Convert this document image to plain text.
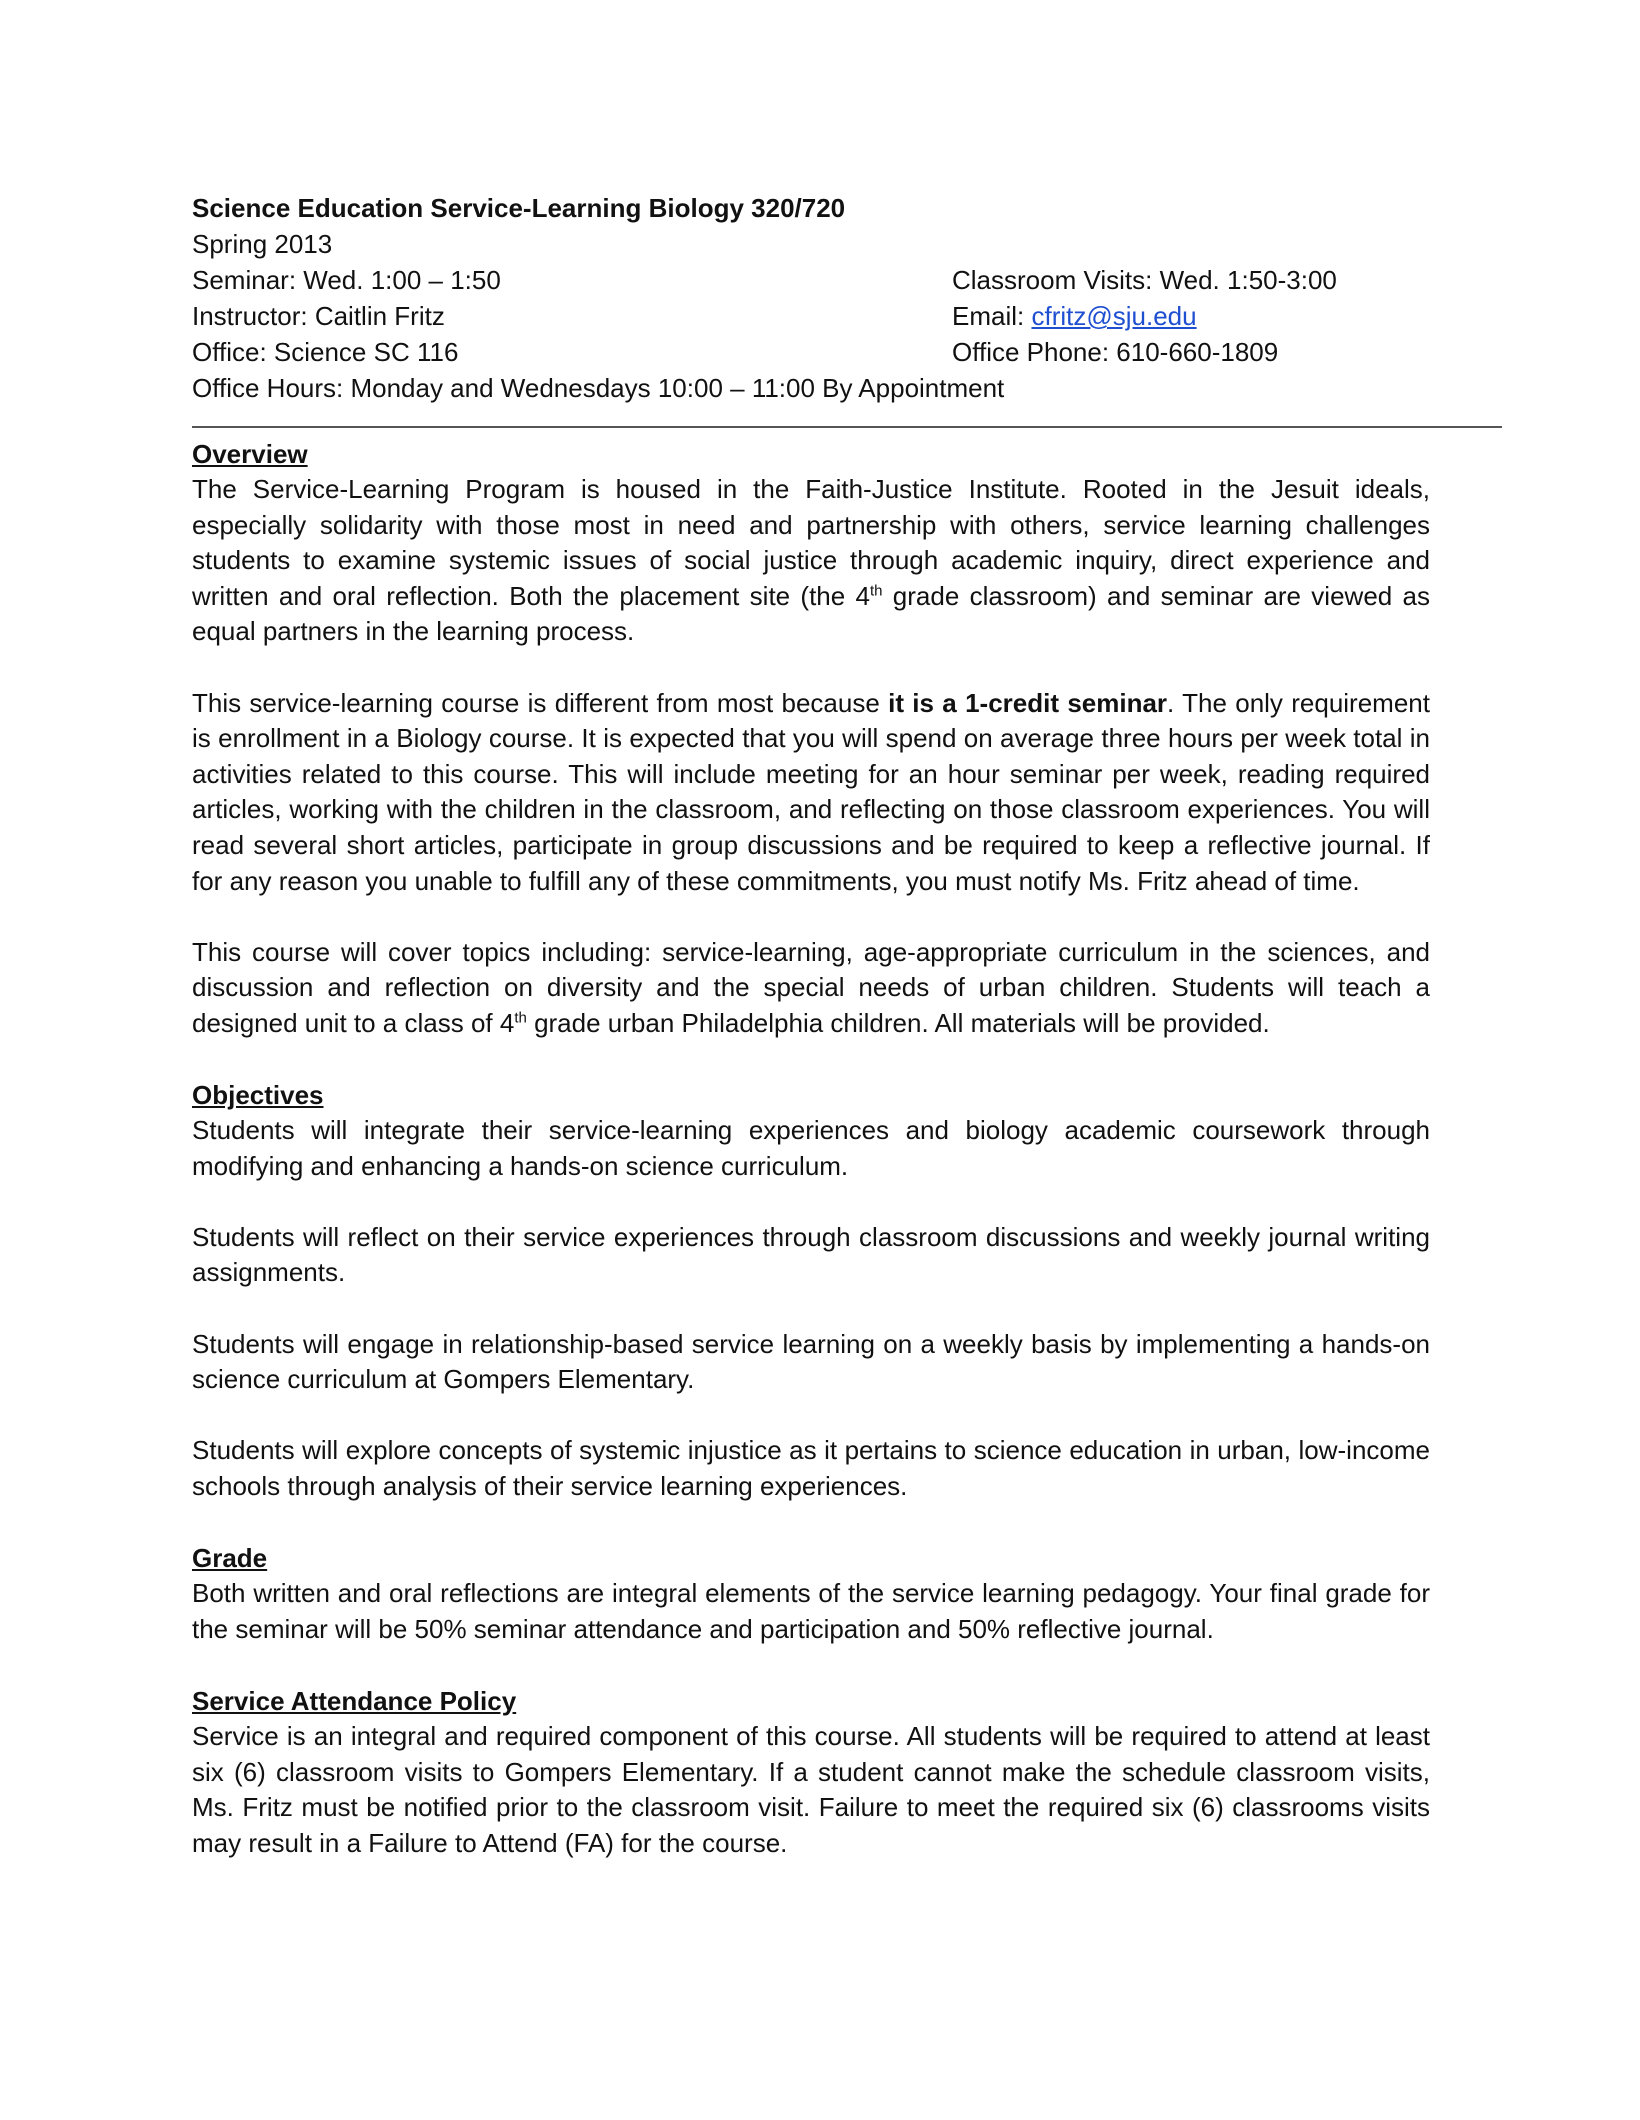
Science Education Service-Learning Biology 320/720
Spring 2013
Seminar: Wed. 1:00 – 1:50	Classroom Visits: Wed. 1:50-3:00
Instructor: Caitlin Fritz	Email: cfritz@sju.edu
Office: Science SC 116	Office Phone: 610-660-1809
Office Hours: Monday and Wednesdays 10:00 – 11:00 By Appointment
Overview

The Service-Learning Program is housed in the Faith-Justice Institute. Rooted in the Jesuit ideals, especially solidarity with those most in need and partnership with others, service learning challenges students to examine systemic issues of social justice through academic inquiry, direct experience and written and oral reflection. Both the placement site (the 4th grade classroom) and seminar are viewed as equal partners in the learning process.

This service-learning course is different from most because it is a 1-credit seminar. The only requirement is enrollment in a Biology course. It is expected that you will spend on average three hours per week total in activities related to this course. This will include meeting for an hour seminar per week, reading required articles, working with the children in the classroom, and reflecting on those classroom experiences. You will read several short articles, participate in group discussions and be required to keep a reflective journal. If for any reason you unable to fulfill any of these commitments, you must notify Ms. Fritz ahead of time.

This course will cover topics including: service-learning, age-appropriate curriculum in the sciences, and discussion and reflection on diversity and the special needs of urban children. Students will teach a designed unit to a class of 4th grade urban Philadelphia children. All materials will be provided.

Objectives

Students will integrate their service-learning experiences and biology academic coursework through modifying and enhancing a hands-on science curriculum.

Students will reflect on their service experiences through classroom discussions and weekly journal writing assignments.

Students will engage in relationship-based service learning on a weekly basis by implementing a hands-on science curriculum at Gompers Elementary.

Students will explore concepts of systemic injustice as it pertains to science education in urban, low-income schools through analysis of their service learning experiences.

Grade

Both written and oral reflections are integral elements of the service learning pedagogy. Your final grade for the seminar will be 50% seminar attendance and participation and 50% reflective journal.

Service Attendance Policy

Service is an integral and required component of this course. All students will be required to attend at least six (6) classroom visits to Gompers Elementary. If a student cannot make the schedule classroom visits, Ms. Fritz must be notified prior to the classroom visit. Failure to meet the required six (6) classrooms visits may result in a Failure to Attend (FA) for the course.
